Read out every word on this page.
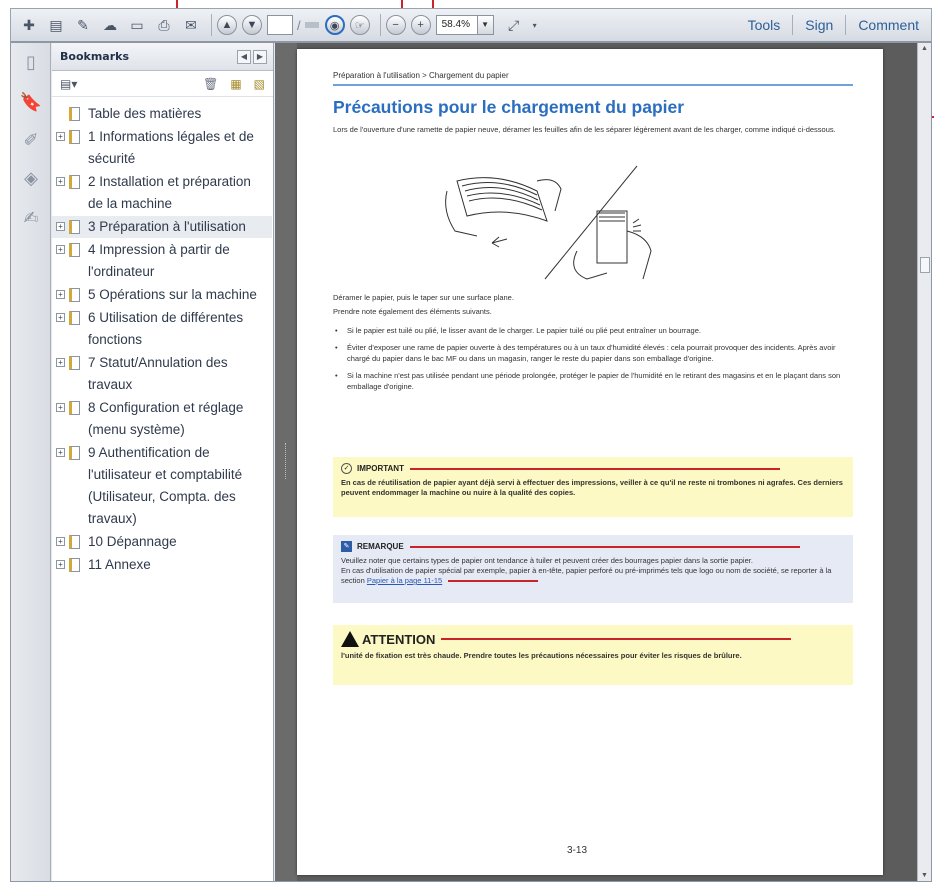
✚	▤	✎	☁ ▭	⎙	✉	▲	▼	/	◉	☞	−	+	58.4%	▼	⤢	▾	Tools	Sign	Comment
▯
🔖
✐
◈
✍
Bookmarks	◀	▶
▤▾	🗑 ▦ ▧
Table des matières
+ 1 Informations légales et de sécurité
+ 2 Installation et préparation de la machine
+ 3 Préparation à l'utilisation
+ 4 Impression à partir de l'ordinateur
+ 5 Opérations sur la machine
+ 6 Utilisation de différentes fonctions
+ 7 Statut/Annulation des travaux
+ 8 Configuration et réglage (menu système)
+ 9 Authentification de l'utilisateur et comptabilité (Utilisateur, Compta. des travaux)
+ 10 Dépannage
+ 11 Annexe
Préparation à l'utilisation > Chargement du papier
Précautions pour le chargement du papier
Lors de l'ouverture d'une ramette de papier neuve, déramer les feuilles afin de les séparer légèrement avant de les charger, comme indiqué ci-dessous.
Déramer le papier, puis le taper sur une surface plane.
Prendre note également des éléments suivants.
• Si le papier est tuilé ou plié, le lisser avant de le charger. Le papier tuilé ou plié peut entraîner un bourrage.
• Éviter d'exposer une rame de papier ouverte à des températures ou à un taux d'humidité élevés : cela pourrait provoquer des incidents. Après avoir chargé du papier dans le bac MF ou dans un magasin, ranger le reste du papier dans son emballage d'origine.
• Si la machine n'est pas utilisée pendant une période prolongée, protéger le papier de l'humidité en le retirant des magasins et en le plaçant dans son emballage d'origine.
✓ IMPORTANT
En cas de réutilisation de papier ayant déjà servi à effectuer des impressions, veiller à ce qu'il ne reste ni trombones ni agrafes. Ces derniers peuvent endommager la machine ou nuire à la qualité des copies.
✎ REMARQUE
Veuillez noter que certains types de papier ont tendance à tuiler et peuvent créer des bourrages papier dans la sortie papier.
En cas d'utilisation de papier spécial par exemple, papier à en-tête, papier perforé ou pré-imprimés tels que logo ou nom de société, se reporter à la section Papier à la page 11-15
ATTENTION
l'unité de fixation est très chaude. Prendre toutes les précautions nécessaires pour éviter les risques de brûlure.
3-13
▲
▼
